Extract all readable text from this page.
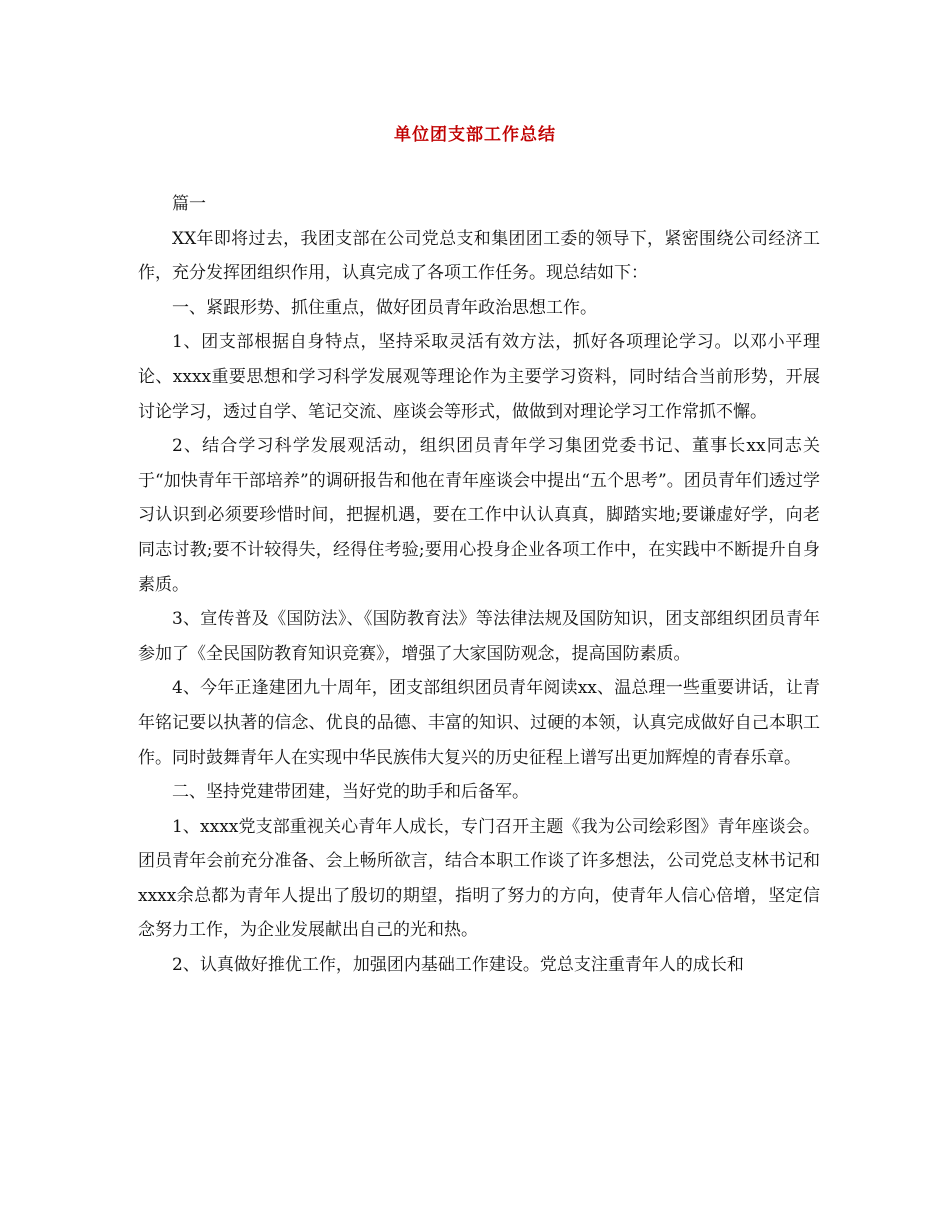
单位团支部工作总结

篇一

XX年即将过去，我团支部在公司党总支和集团团工委的领导下，紧密围绕公司经济工作，充分发挥团组织作用，认真完成了各项工作任务。现总结如下：

一、紧跟形势、抓住重点，做好团员青年政治思想工作。

1、团支部根据自身特点，坚持采取灵活有效方法，抓好各项理论学习。以邓小平理论、xxxx重要思想和学习科学发展观等理论作为主要学习资料，同时结合当前形势，开展讨论学习，透过自学、笔记交流、座谈会等形式，做做到对理论学习工作常抓不懈。

2、结合学习科学发展观活动，组织团员青年学习集团党委书记、董事长xx同志关于“加快青年干部培养”的调研报告和他在青年座谈会中提出“五个思考”。团员青年们透过学习认识到必须要珍惜时间，把握机遇，要在工作中认认真真，脚踏实地;要谦虚好学，向老同志讨教;要不计较得失，经得住考验;要用心投身企业各项工作中，在实践中不断提升自身素质。

3、宣传普及《国防法》、《国防教育法》等法律法规及国防知识，团支部组织团员青年参加了《全民国防教育知识竞赛》，增强了大家国防观念，提高国防素质。

4、今年正逢建团九十周年，团支部组织团员青年阅读xx、温总理一些重要讲话，让青年铭记要以执著的信念、优良的品德、丰富的知识、过硬的本领，认真完成做好自己本职工作。同时鼓舞青年人在实现中华民族伟大复兴的历史征程上谱写出更加辉煌的青春乐章。

二、坚持党建带团建，当好党的助手和后备军。

1、xxxx党支部重视关心青年人成长，专门召开主题《我为公司绘彩图》青年座谈会。团员青年会前充分准备、会上畅所欲言，结合本职工作谈了许多想法，公司党总支林书记和xxxx余总都为青年人提出了殷切的期望，指明了努力的方向，使青年人信心倍增，坚定信念努力工作，为企业发展献出自己的光和热。

2、认真做好推优工作，加强团内基础工作建设。党总支注重青年人的成长和
